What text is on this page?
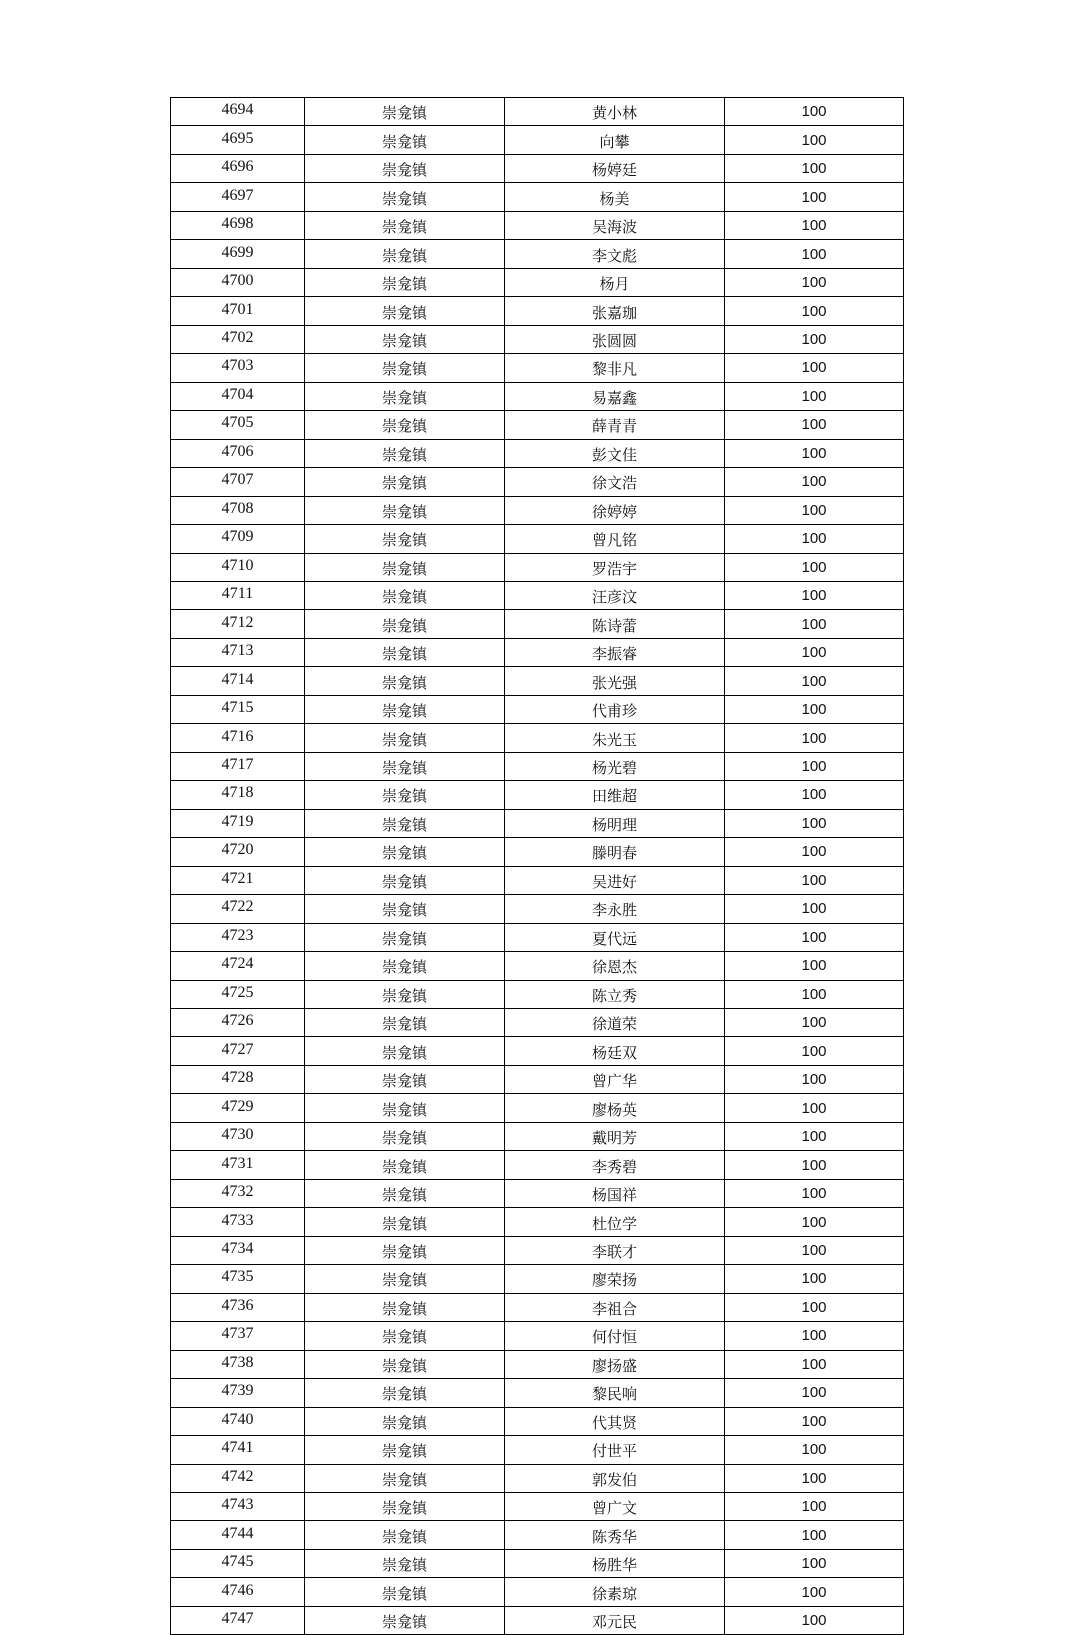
4694	崇龛镇	黄小林	100
4695	崇龛镇	向攀	100
4696	崇龛镇	杨婷廷	100
4697	崇龛镇	杨美	100
4698	崇龛镇	吴海波	100
4699	崇龛镇	李文彪	100
4700	崇龛镇	杨月	100
4701	崇龛镇	张嘉珈	100
4702	崇龛镇	张圆圆	100
4703	崇龛镇	黎非凡	100
4704	崇龛镇	易嘉鑫	100
4705	崇龛镇	薛青青	100
4706	崇龛镇	彭文佳	100
4707	崇龛镇	徐文浩	100
4708	崇龛镇	徐婷婷	100
4709	崇龛镇	曾凡铭	100
4710	崇龛镇	罗浩宇	100
4711	崇龛镇	汪彦汶	100
4712	崇龛镇	陈诗蕾	100
4713	崇龛镇	李振睿	100
4714	崇龛镇	张光强	100
4715	崇龛镇	代甫珍	100
4716	崇龛镇	朱光玉	100
4717	崇龛镇	杨光碧	100
4718	崇龛镇	田维超	100
4719	崇龛镇	杨明理	100
4720	崇龛镇	滕明春	100
4721	崇龛镇	吴进好	100
4722	崇龛镇	李永胜	100
4723	崇龛镇	夏代远	100
4724	崇龛镇	徐恩杰	100
4725	崇龛镇	陈立秀	100
4726	崇龛镇	徐道荣	100
4727	崇龛镇	杨廷双	100
4728	崇龛镇	曾广华	100
4729	崇龛镇	廖杨英	100
4730	崇龛镇	戴明芳	100
4731	崇龛镇	李秀碧	100
4732	崇龛镇	杨国祥	100
4733	崇龛镇	杜位学	100
4734	崇龛镇	李联才	100
4735	崇龛镇	廖荣扬	100
4736	崇龛镇	李祖合	100
4737	崇龛镇	何付恒	100
4738	崇龛镇	廖扬盛	100
4739	崇龛镇	黎民响	100
4740	崇龛镇	代其贤	100
4741	崇龛镇	付世平	100
4742	崇龛镇	郭发伯	100
4743	崇龛镇	曾广文	100
4744	崇龛镇	陈秀华	100
4745	崇龛镇	杨胜华	100
4746	崇龛镇	徐素琼	100
4747	崇龛镇	邓元民	100
